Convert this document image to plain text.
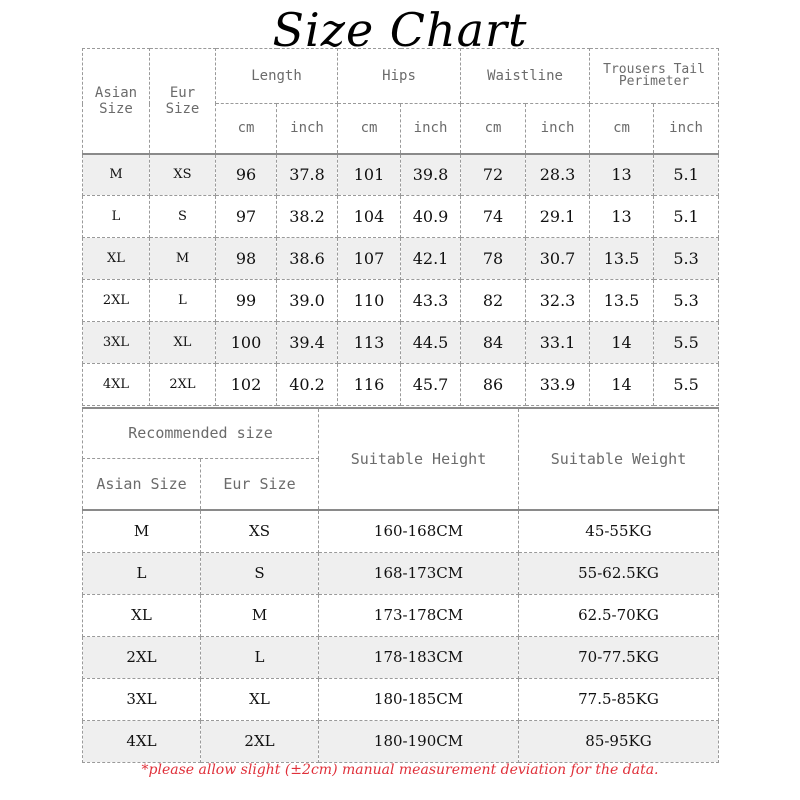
Size Chart
Asian Size	Eur Size	Length		Hips		Waistline		Trousers Tail Perimeter	
		cm	inch	cm	inch	cm	inch	cm	inch
M	XS	96	37.8	101	39.8	72	28.3	13	5.1
L	S	97	38.2	104	40.9	74	29.1	13	5.1
XL	M	98	38.6	107	42.1	78	30.7	13.5	5.3
2XL	L	99	39.0	110	43.3	82	32.3	13.5	5.3
3XL	XL	100	39.4	113	44.5	84	33.1	14	5.5
4XL	2XL	102	40.2	116	45.7	86	33.9	14	5.5
Recommended size		Suitable Height	Suitable Weight
Asian Size	Eur Size		
M	XS	160-168CM	45-55KG
L	S	168-173CM	55-62.5KG
XL	M	173-178CM	62.5-70KG
2XL	L	178-183CM	70-77.5KG
3XL	XL	180-185CM	77.5-85KG
4XL	2XL	180-190CM	85-95KG
*please allow slight (±2cm) manual measurement deviation for the data.
